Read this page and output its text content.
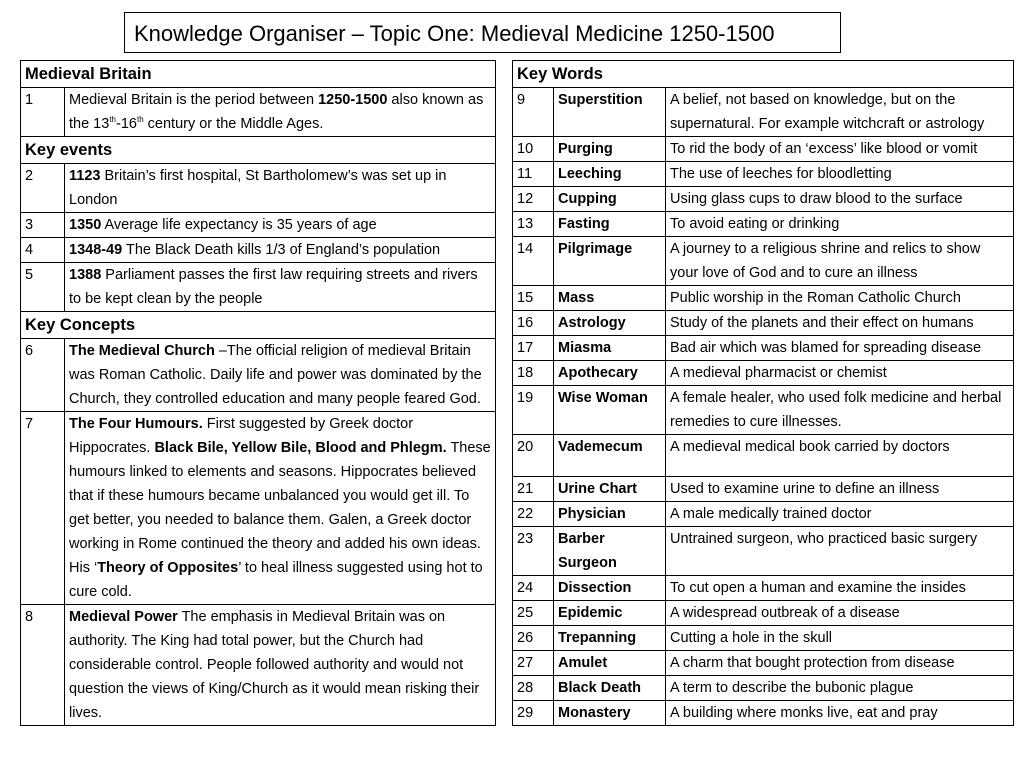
Knowledge Organiser – Topic One: Medieval Medicine 1250-1500
Medieval Britain	
1	Medieval Britain is the period between 1250-1500 also known as the 13th-16th century or the Middle Ages.
Key events	
2	1123 Britain’s first hospital, St Bartholomew’s was set up in London
3	1350 Average life expectancy is 35 years of age
4	1348-49 The Black Death kills 1/3 of England’s population
5	1388 Parliament passes the first law requiring streets and rivers to be kept clean by the people
Key Concepts	
6	The Medieval Church –The official religion of medieval Britain was Roman Catholic. Daily life and power was dominated by the Church, they controlled education and many people feared God.
7	The Four Humours. First suggested by Greek doctor Hippocrates. Black Bile, Yellow Bile, Blood and Phlegm. These humours linked to elements and seasons. Hippocrates believed that if these humours became unbalanced you would get ill. To get better, you needed to balance them. Galen, a Greek doctor working in Rome continued the theory and added his own ideas. His ‘Theory of Opposites’ to heal illness suggested using hot to cure cold.
8	Medieval Power The emphasis in Medieval Britain was on authority. The King had total power, but the Church had considerable control. People followed authority and would not question the views of King/Church as it would mean risking their lives.
Key Words		
9	Superstition	A belief, not based on knowledge, but on the supernatural. For example witchcraft or astrology
10	Purging	To rid the body of an ‘excess’ like blood or vomit
11	Leeching	The use of leeches for bloodletting
12	Cupping	Using glass cups to draw blood to the surface
13	Fasting	To avoid eating or drinking
14	Pilgrimage	A journey to a religious shrine and relics to show your love of God and to cure an illness
15	Mass	Public worship in the Roman Catholic Church
16	Astrology	Study of the planets and their effect on humans
17	Miasma	Bad air which was blamed for spreading disease
18	Apothecary	A medieval pharmacist or chemist
19	Wise Woman	A female healer, who used folk medicine and herbal remedies to cure illnesses.
20	Vademecum	A medieval medical book carried by doctors
21	Urine Chart	Used to examine urine to define an illness
22	Physician	A male medically trained doctor
23	Barber Surgeon	Untrained surgeon, who practiced basic surgery
24	Dissection	To cut open a human and examine the insides
25	Epidemic	A widespread outbreak of a disease
26	Trepanning	Cutting a hole in the skull
27	Amulet	A charm that bought protection from disease
28	Black Death	A term to describe the bubonic plague
29	Monastery	A building where monks live, eat and pray
